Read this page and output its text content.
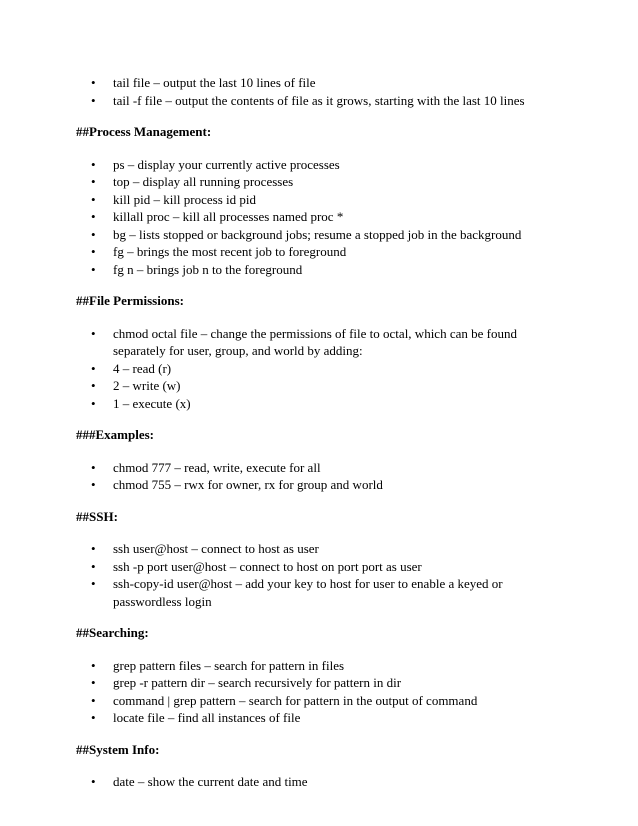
• tail file – output the last 10 lines of file
• tail -f file – output the contents of file as it grows, starting with the last 10 lines
##Process Management:
• ps – display your currently active processes
• top – display all running processes
• kill pid – kill process id pid
• killall proc – kill all processes named proc *
• bg – lists stopped or background jobs; resume a stopped job in the background
• fg – brings the most recent job to foreground
• fg n – brings job n to the foreground
##File Permissions:
• chmod octal file – change the permissions of file to octal, which can be found separately for user, group, and world by adding:
• 4 – read (r)
• 2 – write (w)
• 1 – execute (x)
###Examples:
• chmod 777 – read, write, execute for all
• chmod 755 – rwx for owner, rx for group and world
##SSH:
• ssh user@host – connect to host as user
• ssh -p port user@host – connect to host on port port as user
• ssh-copy-id user@host – add your key to host for user to enable a keyed or passwordless login
##Searching:
• grep pattern files – search for pattern in files
• grep -r pattern dir – search recursively for pattern in dir
• command | grep pattern – search for pattern in the output of command
• locate file – find all instances of file
##System Info:
• date – show the current date and time
